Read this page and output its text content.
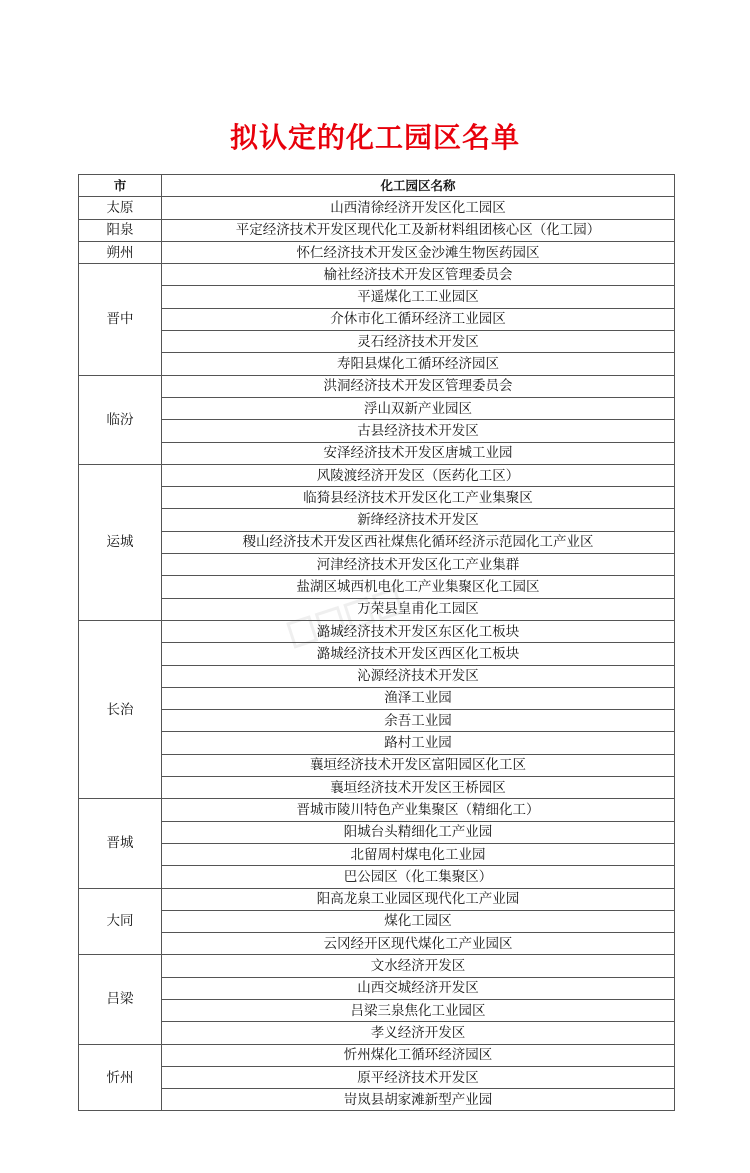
拟认定的化工园区名单
市	化工园区名称
太原	山西清徐经济开发区化工园区
阳泉	平定经济技术开发区现代化工及新材料组团核心区（化工园）
朔州	怀仁经济技术开发区金沙滩生物医药园区
晋中	榆社经济技术开发区管理委员会
	平遥煤化工工业园区
	介休市化工循环经济工业园区
	灵石经济技术开发区
	寿阳县煤化工循环经济园区
临汾	洪洞经济技术开发区管理委员会
	浮山双新产业园区
	古县经济技术开发区
	安泽经济技术开发区唐城工业园
运城	风陵渡经济开发区（医药化工区）
	临猗县经济技术开发区化工产业集聚区
	新绛经济技术开发区
	稷山经济技术开发区西社煤焦化循环经济示范园化工产业区
	河津经济技术开发区化工产业集群
	盐湖区城西机电化工产业集聚区化工园区
	万荣县皇甫化工园区
长治	潞城经济技术开发区东区化工板块
	潞城经济技术开发区西区化工板块
	沁源经济技术开发区
	渔泽工业园
	余吾工业园
	路村工业园
	襄垣经济技术开发区富阳园区化工区
	襄垣经济技术开发区王桥园区
晋城	晋城市陵川特色产业集聚区（精细化工）
	阳城台头精细化工产业园
	北留周村煤电化工业园
	巴公园区（化工集聚区）
大同	阳高龙泉工业园区现代化工产业园
	煤化工园区
	云冈经开区现代煤化工产业园区
吕梁	文水经济开发区
	山西交城经济开发区
	吕梁三泉焦化工业园区
	孝义经济开发区
忻州	忻州煤化工循环经济园区
	原平经济技术开发区
	岢岚县胡家滩新型产业园
